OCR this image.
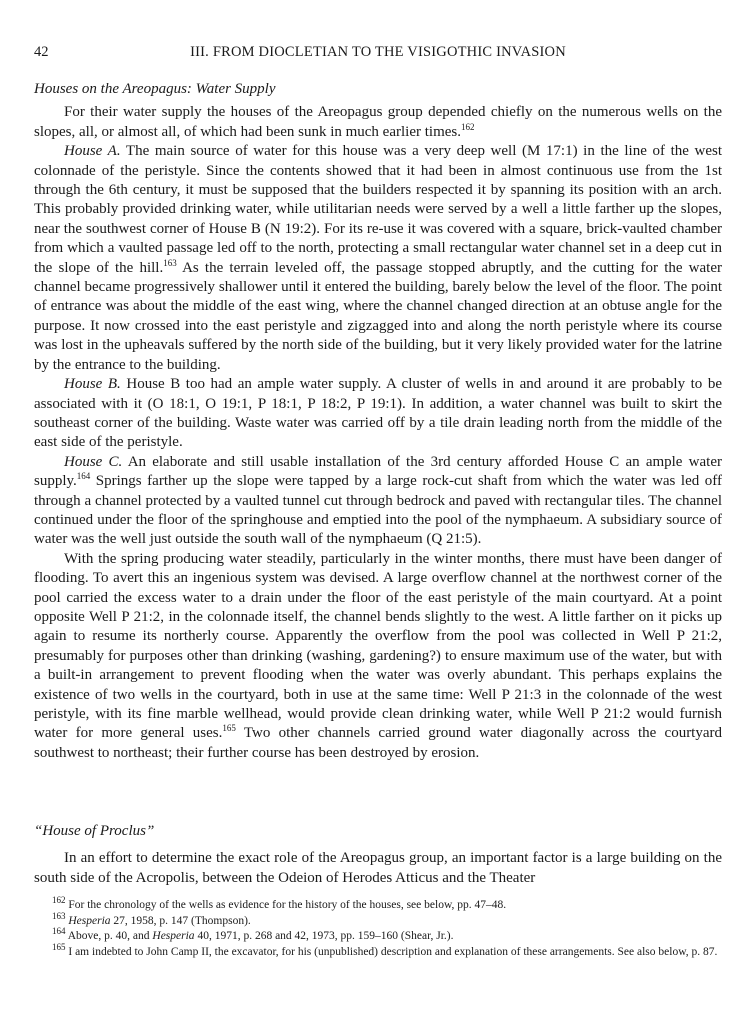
42	III. FROM DIOCLETIAN TO THE VISIGOTHIC INVASION
Houses on the Areopagus: Water Supply

For their water supply the houses of the Areopagus group depended chiefly on the numerous wells on the slopes, all, or almost all, of which had been sunk in much earlier times.$^{162}$

House A. The main source of water for this house was a very deep well (M 17:1) in the line of the west colonnade of the peristyle. Since the contents showed that it had been in almost continuous use from the 1st through the 6th century, it must be supposed that the builders respected it by spanning its position with an arch. This probably provided drinking water, while utilitarian needs were served by a well a little farther up the slopes, near the southwest corner of House B (N 19:2). For its re-use it was covered with a square, brick-vaulted chamber from which a vaulted passage led off to the north, protecting a small rectangular water channel set in a deep cut in the slope of the hill.$^{163}$ As the terrain leveled off, the passage stopped abruptly, and the cutting for the water channel became progressively shallower until it entered the building, barely below the level of the floor. The point of entrance was about the middle of the east wing, where the channel changed direction at an obtuse angle for the purpose. It now crossed into the east peristyle and zigzagged into and along the north peristyle where its course was lost in the upheavals suffered by the north side of the building, but it very likely provided water for the latrine by the entrance to the building.

House B. House B too had an ample water supply. A cluster of wells in and around it are probably to be associated with it (O 18:1, O 19:1, P 18:1, P 18:2, P 19:1). In addition, a water channel was built to skirt the southeast corner of the building. Waste water was carried off by a tile drain leading north from the middle of the east side of the peristyle.

House C. An elaborate and still usable installation of the 3rd century afforded House C an ample water supply.$^{164}$ Springs farther up the slope were tapped by a large rock-cut shaft from which the water was led off through a channel protected by a vaulted tunnel cut through bedrock and paved with rectangular tiles. The channel continued under the floor of the springhouse and emptied into the pool of the nymphaeum. A subsidiary source of water was the well just outside the south wall of the nymphaeum (Q 21:5).

With the spring producing water steadily, particularly in the winter months, there must have been danger of flooding. To avert this an ingenious system was devised. A large overflow channel at the northwest corner of the pool carried the excess water to a drain under the floor of the east peristyle of the main courtyard. At a point opposite Well P 21:2, in the colonnade itself, the channel bends slightly to the west. A little farther on it picks up again to resume its northerly course. Apparently the overflow from the pool was collected in Well P 21:2, presumably for purposes other than drinking (washing, gardening?) to ensure maximum use of the water, but with a built-in arrangement to prevent flooding when the water was overly abundant. This perhaps explains the existence of two wells in the courtyard, both in use at the same time: Well P 21:3 in the colonnade of the west peristyle, with its fine marble wellhead, would provide clean drinking water, while Well P 21:2 would furnish water for more general uses.$^{165}$ Two other channels carried ground water diagonally across the courtyard southwest to northeast; their further course has been destroyed by erosion.

“House of Proclus”

In an effort to determine the exact role of the Areopagus group, an important factor is a large building on the south side of the Acropolis, between the Odeion of Herodes Atticus and the Theater

$^{162}$ For the chronology of the wells as evidence for the history of the houses, see below, pp. 47–48.
$^{163}$ Hesperia 27, 1958, p. 147 (Thompson).
$^{164}$ Above, p. 40, and Hesperia 40, 1971, p. 268 and 42, 1973, pp. 159–160 (Shear, Jr.).
$^{165}$ I am indebted to John Camp II, the excavator, for his (unpublished) description and explanation of these arrangements. See also below, p. 87.
